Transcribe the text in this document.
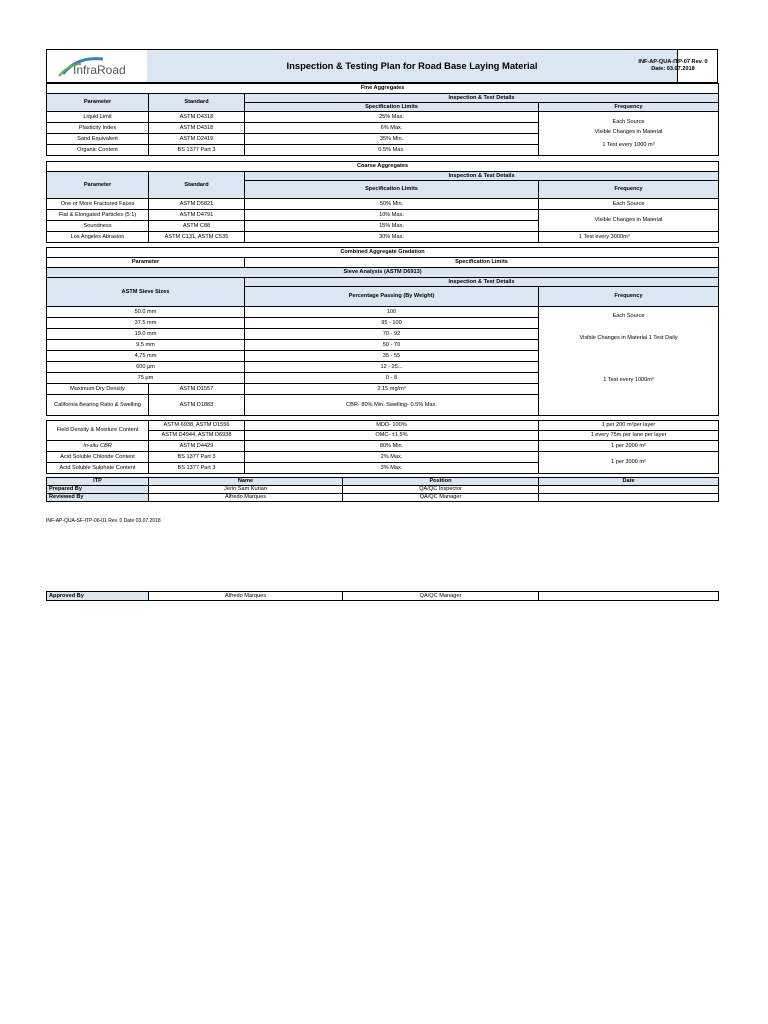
InfraRoad	Inspection & Testing Plan for Road Base Laying Material	INF-AP-QUA-ITP-07 Rev. 0
Date: 03.07.2018
Fine Aggregates			
Parameter	Standard	Inspection & Test Details	
		Specification Limits	Frequency
Liquid Limit	ASTM D4318	25% Max.	Each Source
Visible Changes in Material
1 Test every 1000 m³

Plasticity Index	ASTM D4318	6% Max.	
Sand Equivalent	ASTM D2419	35% Min.	
Organic Content	BS 1377 Part 3	0.5% Max.	
Coarse Aggregates			
Parameter	Standard	Inspection & Test Details	
		Specification Limits	Frequency
One or More Fractured Faces	ASTM D5821	50% Min.	Each Source
Flat & Elongated Particles (5:1)	ASTM D4791	10% Max.	Visible Changes in Material
Soundness	ASTM C88	15% Max.	
Los Angeles Abrasion	ASTM C131, ASTM C535	30% Max.	1 Test every 3000m³
Combined Aggregate Gradation			
Parameter		Specification Limits	
Sieve Analysis (ASTM D6913)			
ASTM Sieve Sizes		Inspection & Test Details	
		Percentage Passing (By Weight)	Frequency
50.0 mm		100	Each Source
Visible Changes in Material 1 Test Daily
1 Test every 1000m³

37.5 mm		95 - 100	
19.0 mm		70 - 92	
9.5 mm		50 - 70	
4.75 mm		35 - 55	
600 µm		12 - 25...	
75 µm		0 - 8	
Maximum Dry Density	ASTM D1557	2.15 mg/m³	
California Bearing Ratio & Swelling	ASTM D1883	CBR- 80% Min. Swelling- 0.5% Max.	
Field Density & Moisture Content	ASTM 6938, ASTM D1556	MDD- 100%	1 per 200 m²per layer
	ASTM D4944, ASTM D6938	OMC- ±1.5%	1 every 75m per lane per layer
In-situ CBR	ASTM D4429	80% Min.	1 per 2000 m²
Acid Soluble Chloride Content	BS 1377 Part 3	2% Max.	1 per 3000 m²
Acid Soluble Sulphate Content	BS 1377 Part 3	3% Max.	
ITP	Name	Position	Date
Prepared By	Jerin Sam Kurian	QA/QC Inspector	
Reviewed By	Alfredo Marques	QA/QC Manager	
INF-AP-QUA-SF-ITP-06-01 Rev. 0 Date 03.07.2018
Approved By	Alfredo Marques	QA/QC Manager	
